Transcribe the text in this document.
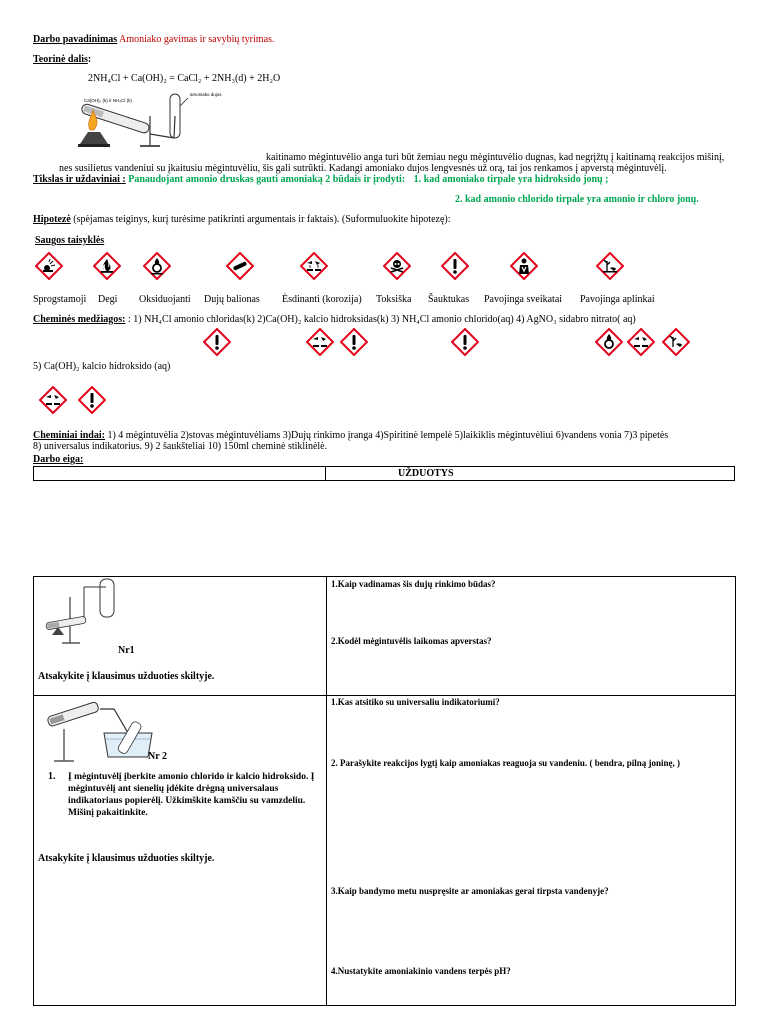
Darbo pavadinimas Amoniako gavimas ir savybių tyrimas.
Teorinė dalis:
2NH₄Cl + Ca(OH)₂ = CaCl₂ + 2NH₃(d) + 2H₂O
Ca(OH)₂ (k) ir NH₄Cl (k)
amoniako dujos
kaitinamo mėgintuvėlio anga turi būt žemiau negu mėgintuvėlio dugnas, kad negrįžtų į kaitinamą reakcijos mišinį,
nes susilietus vandeniui su įkaitusiu mėgintuvėliu, šis gali sutrūkti. Kadangi amoniako dujos lengvesnės už orą, tai jos renkamos į apverstą mėgintuvėlį.
Tikslas ir uždaviniai : Panaudojant amonio druskas gauti amoniaką 2 būdais ir įrodyti: 1. kad amoniako tirpale yra hidroksido jonų ;
2. kad amonio chlorido tirpale yra amonio ir chloro jonų.
Hipotezė (spėjamas teiginys, kurį turėsime patikrinti argumentais ir faktais). (Suformuluokite hipotezę):
Saugos taisyklės
Sprogstamoji Degi Oksiduojanti Dujų balionas Ėsdinanti (korozija) Toksiška Šauktukas Pavojinga sveikatai Pavojinga aplinkai
Cheminės medžiagos: : 1) NH₄Cl amonio chloridas(k) 2)Ca(OH)₂ kalcio hidroksidas(k) 3) NH₄Cl amonio chlorido(aq) 4) AgNO₃ sidabro nitrato( aq)
5) Ca(OH)₂ kalcio hidroksido (aq)
Cheminiai indai: 1) 4 mėgintuvėlia 2)stovas mėgintuvėliams 3)Dujų rinkimo įranga 4)Spiritinė lempelė 5)laikiklis mėgintuvėliui 6)vandens vonia 7)3 pipetės
8) universalus indikatorius. 9) 2 šaukšteliai 10) 150ml cheminė stiklinėlė.
Darbo eiga:
UŽDUOTYS
Nr1
Atsakykite į klausimus užduoties skiltyje.
1.Kaip vadinamas šis dujų rinkimo būdas?
2.Kodėl mėgintuvėlis laikomas apverstas?
Nr 2
1. Į mėgintuvėlį įberkite amonio chlorido ir kalcio hidroksido. Į mėgintuvėlį ant sienelių įdėkite drėgną universalaus indikatoriaus popierėlį. Užkimškite kamščiu su vamzdeliu. Mišinį pakaitinkite.
Atsakykite į klausimus užduoties skiltyje.
1.Kas atsitiko su universaliu indikatoriumi?
2. Parašykite reakcijos lygtį kaip amoniakas reaguoja su vandeniu. ( bendra, pilną joninę, )
3.Kaip bandymo metu nuspręsite ar amoniakas gerai tirpsta vandenyje?
4.Nustatykite amoniakinio vandens terpės pH?
